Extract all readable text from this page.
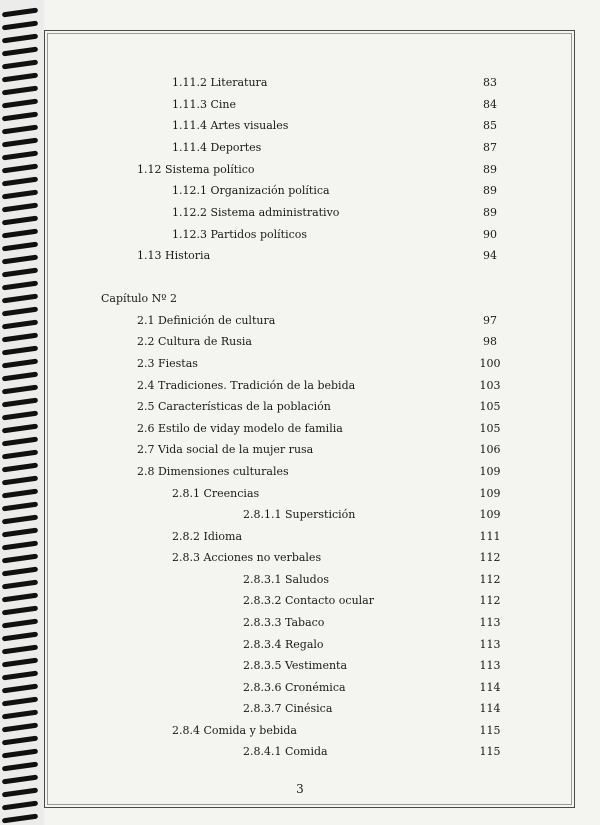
1.11.2 Literatura	83
1.11.3 Cine	84
1.11.4 Artes visuales	85
1.11.4 Deportes	87
1.12 Sistema político	89
1.12.1 Organización política	89
1.12.2 Sistema administrativo	89
1.12.3 Partidos políticos	90
1.13 Historia	94
Capítulo Nº 2
2.1 Definición de cultura	97
2.2 Cultura de Rusia	98
2.3 Fiestas	100
2.4 Tradiciones. Tradición de la bebida	103
2.5 Características de la población	105
2.6 Estilo de viday modelo de familia	105
2.7 Vida social de la mujer rusa	106
2.8 Dimensiones culturales	109
2.8.1 Creencias	109
2.8.1.1 Superstición	109
2.8.2 Idioma	111
2.8.3 Acciones no verbales	112
2.8.3.1 Saludos	112
2.8.3.2 Contacto ocular	112
2.8.3.3 Tabaco	113
2.8.3.4 Regalo	113
2.8.3.5 Vestimenta	113
2.8.3.6 Cronémica	114
2.8.3.7 Cinésica	114
2.8.4 Comida y bebida	115
2.8.4.1 Comida	115
3
